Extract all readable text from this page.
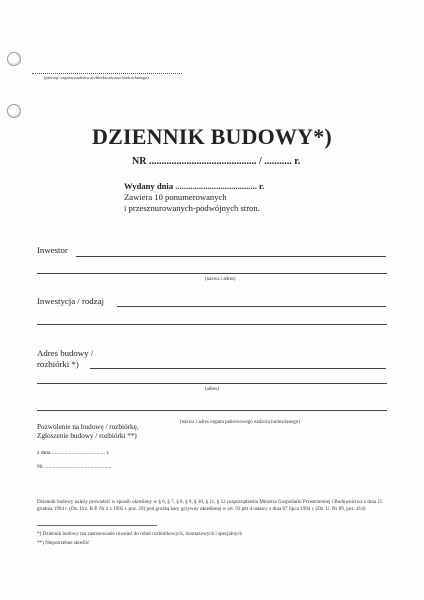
(pieczęć organu nadzoru architektoniczno-budowlanego)
DZIENNIK BUDOWY*)
NR ........................................... / ........... r.
Wydany dnia ...................................... r.
Zawiera 10 ponumerowanych
i przesznurowanych-podwójnych stron.
Inwestor
(nazwa i adres)
Inwestycja / rodzaj
Adres budowy /
rozbiórki *)
(adres)
(nazwa i adres organu państwowego nadzoru budowlanego)
Pozwolenie na budowę / rozbiórkę,
Zgłoszenie budowy / rozbiórki **)
z dnia ...................................... r.
Nr ................................................
Dziennik budowy należy prowadzić w sposób określony w § 6, § 7, § 8, § 9, § 10, § 11, § 12 rozporządzenia Ministra Gospodarki Przestrzennej i Budownictwa z dnia 15 grudnia 1994 r. (Dz. Urz. R.P. Nr 2 z 1995 r. poz. 29) pod groźbą kary grzywny określonej w art. 93 pkt 4 ustawy z dnia 07 lipca 1994 r. (Dz. U. Nr 89, poz. 414)
*) Dziennik budowy ma zastosowanie również do robót rozbiórkowych, montażowych i specjalnych
**) Niepotrzebne skreślić
